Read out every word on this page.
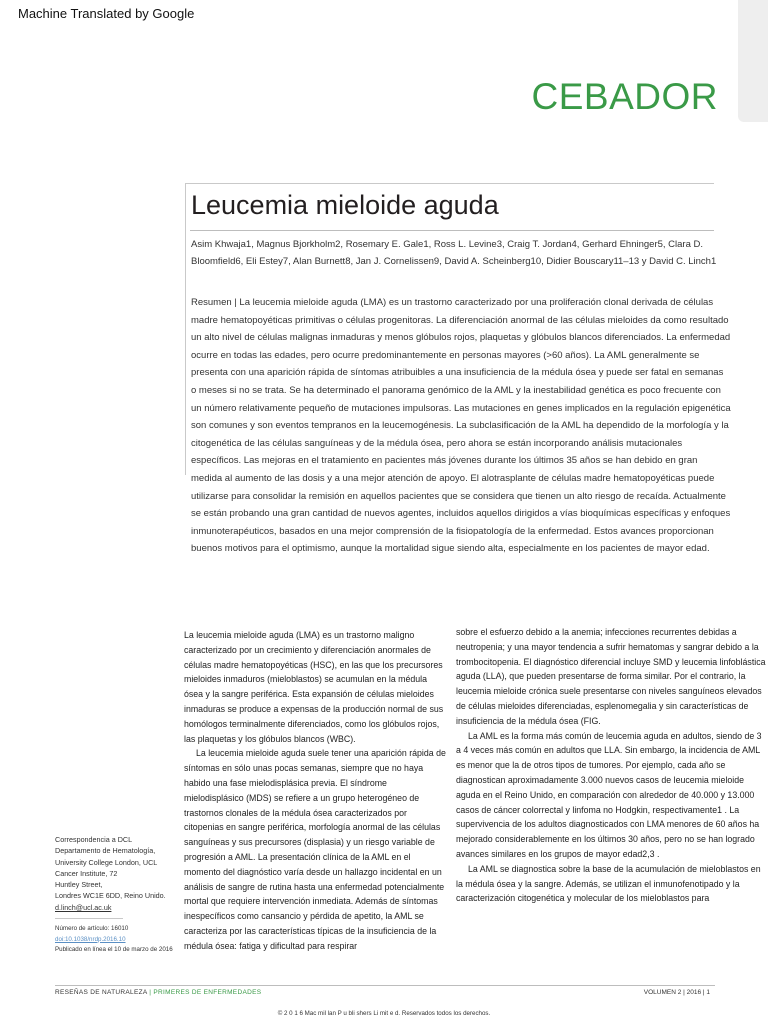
Machine Translated by Google
CEBADOR
Leucemia mieloide aguda
Asim Khwaja1, Magnus Bjorkholm2, Rosemary E. Gale1, Ross L. Levine3, Craig T. Jordan4, Gerhard Ehninger5, Clara D. Bloomfield6, Eli Estey7, Alan Burnett8, Jan J. Cornelissen9, David A. Scheinberg10, Didier Bouscary11–13 y David C. Linch1

Resumen | La leucemia mieloide aguda (LMA) es un trastorno caracterizado por una proliferación clonal derivada de células madre hematopoyéticas primitivas o células progenitoras. La diferenciación anormal de las células mieloides da como resultado un alto nivel de células malignas inmaduras y menos glóbulos rojos, plaquetas y glóbulos blancos diferenciados. La enfermedad ocurre en todas las edades, pero ocurre predominantemente en personas mayores (>60 años). La AML generalmente se presenta con una aparición rápida de síntomas atribuibles a una insuficiencia de la médula ósea y puede ser fatal en semanas o meses si no se trata. Se ha determinado el panorama genómico de la AML y la inestabilidad genética es poco frecuente con un número relativamente pequeño de mutaciones impulsoras. Las mutaciones en genes implicados en la regulación epigenética son comunes y son eventos tempranos en la leucemogénesis. La subclasificación de la AML ha dependido de la morfología y la citogenética de las células sanguíneas y de la médula ósea, pero ahora se están incorporando análisis mutacionales específicos. Las mejoras en el tratamiento en pacientes más jóvenes durante los últimos 35 años se han debido en gran medida al aumento de las dosis y a una mejor atención de apoyo. El alotrasplante de células madre hematopoyéticas puede utilizarse para consolidar la remisión en aquellos pacientes que se considera que tienen un alto riesgo de recaída. Actualmente se están probando una gran cantidad de nuevos agentes, incluidos aquellos dirigidos a vías bioquímicas específicas y enfoques inmunoterapéuticos, basados en una mejor comprensión de la fisiopatología de la enfermedad. Estos avances proporcionan buenos motivos para el optimismo, aunque la mortalidad sigue siendo alta, especialmente en los pacientes de mayor edad.

La leucemia mieloide aguda (LMA) es un trastorno maligno caracterizado por un crecimiento y diferenciación anormales de células madre hematopoyéticas (HSC), en las que los precursores mieloides inmaduros (mieloblastos) se acumulan en la médula ósea y la sangre periférica. Esta expansión de células mieloides inmaduras se produce a expensas de la producción normal de sus homólogos terminalmente diferenciados, como los glóbulos rojos, las plaquetas y los glóbulos blancos (WBC).

La leucemia mieloide aguda suele tener una aparición rápida de síntomas en sólo unas pocas semanas, siempre que no haya habido una fase mielodisplásica previa. El síndrome mielodisplásico (MDS) se refiere a un grupo heterogéneo de trastornos clonales de la médula ósea caracterizados por citopenias en sangre periférica, morfología anormal de las células sanguíneas y sus precursores (displasia) y un riesgo variable de progresión a AML. La presentación clínica de la AML en el momento del diagnóstico varía desde un hallazgo incidental en un análisis de sangre de rutina hasta una enfermedad potencialmente mortal que requiere intervención inmediata. Además de síntomas inespecíficos como cansancio y pérdida de apetito, la AML se caracteriza por las características típicas de la insuficiencia de la médula ósea: fatiga y dificultad para respirar

sobre el esfuerzo debido a la anemia; infecciones recurrentes debidas a neutropenia; y una mayor tendencia a sufrir hematomas y sangrar debido a la trombocitopenia. El diagnóstico diferencial incluye SMD y leucemia linfoblástica aguda (LLA), que pueden presentarse de forma similar. Por el contrario, la leucemia mieloide crónica suele presentarse con niveles sanguíneos elevados de células mieloides diferenciadas, esplenomegalia y sin características de insuficiencia de la médula ósea (FIG.

La AML es la forma más común de leucemia aguda en adultos, siendo de 3 a 4 veces más común en adultos que LLA. Sin embargo, la incidencia de AML es menor que la de otros tipos de tumores. Por ejemplo, cada año se diagnostican aproximadamente 3.000 nuevos casos de leucemia mieloide aguda en el Reino Unido, en comparación con alrededor de 40.000 y 13.000 casos de cáncer colorrectal y linfoma no Hodgkin, respectivamente1 . La supervivencia de los adultos diagnosticados con LMA menores de 60 años ha mejorado considerablemente en los últimos 30 años, pero no se han logrado avances similares en los grupos de mayor edad2,3 .

La AML se diagnostica sobre la base de la acumulación de mieloblastos en la médula ósea y la sangre. Además, se utilizan el inmunofenotipado y la caracterización citogenética y molecular de los mieloblastos para

Correspondencia a DCL
Departamento de Hematología,
University College London, UCL
Cancer Institute, 72
Huntley Street,
Londres WC1E 6DD, Reino Unido.
d.linch@ucl.ac.uk
Número de artículo: 16010
doi:10.1038/nrdp.2016.10
Publicado en línea el 10 de marzo de 2016
RESEÑAS DE NATURALEZA | PRIMERES DE ENFERMEDADES	VOLUMEN 2 | 2016 | 1
© 2 0 1 6 Mac mil lan P u bli shers Li mit e d. Reservados todos los derechos.
